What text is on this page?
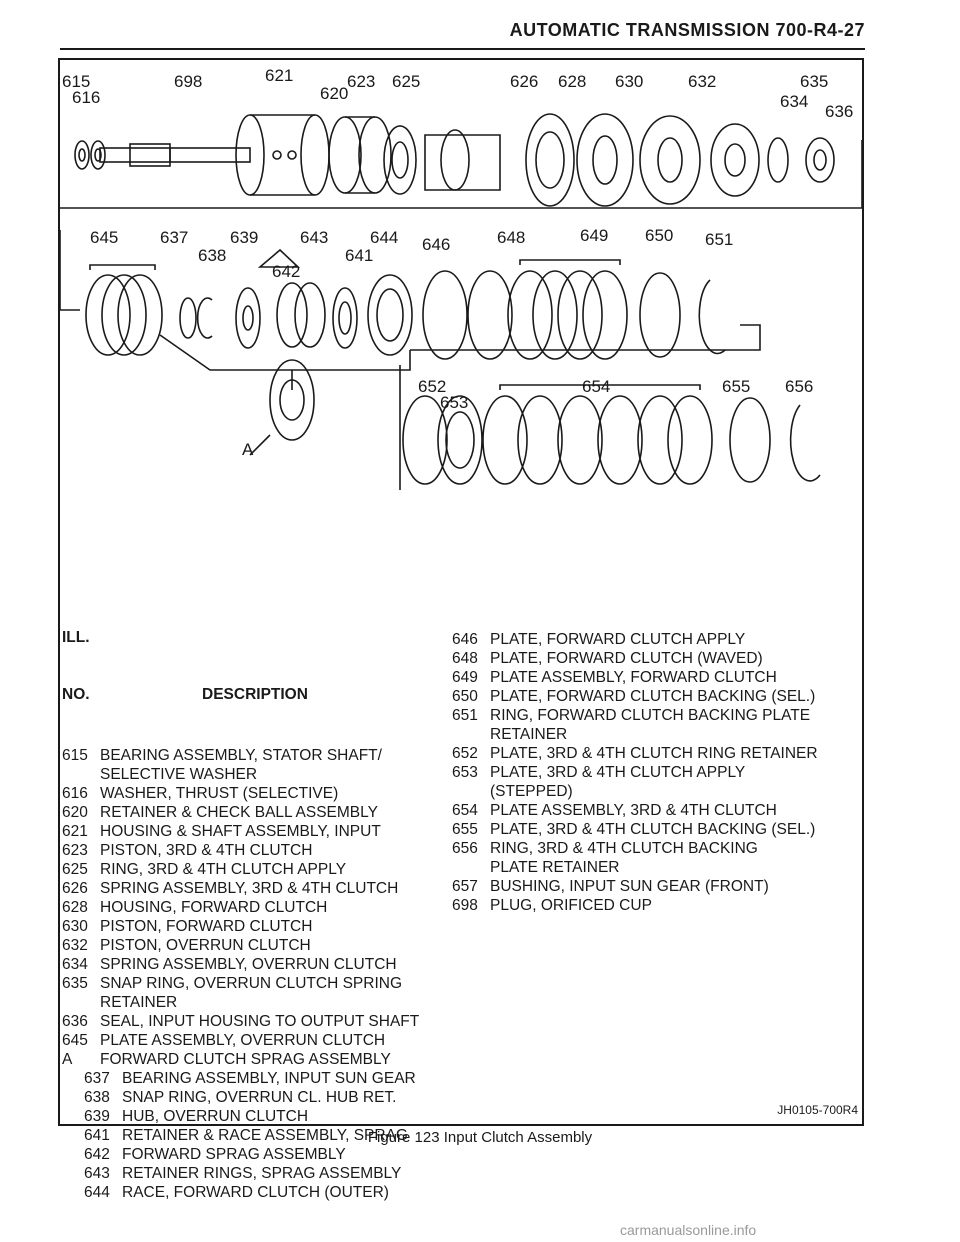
AUTOMATIC TRANSMISSION 700-R4-27
615
616
698	621
620
623 625	626 628 630	632	635
634
636
645 637
638
639 643
642
641
644 646	648	649 650 651
652
653
654	655 656
A

ILL.

NO.	DESCRIPTION

615 BEARING ASSEMBLY, STATOR SHAFT/
SELECTIVE WASHER
616 WASHER, THRUST (SELECTIVE)
620 RETAINER & CHECK BALL ASSEMBLY
621 HOUSING & SHAFT ASSEMBLY, INPUT
623 PISTON, 3RD & 4TH CLUTCH
625 RING, 3RD & 4TH CLUTCH APPLY
626 SPRING ASSEMBLY, 3RD & 4TH CLUTCH
628 HOUSING, FORWARD CLUTCH
630 PISTON, FORWARD CLUTCH
632 PISTON, OVERRUN CLUTCH
634 SPRING ASSEMBLY, OVERRUN CLUTCH
635 SNAP RING, OVERRUN CLUTCH SPRING
RETAINER
636 SEAL, INPUT HOUSING TO OUTPUT SHAFT
645 PLATE ASSEMBLY, OVERRUN CLUTCH
A	FORWARD CLUTCH SPRAG ASSEMBLY
637 BEARING ASSEMBLY, INPUT SUN GEAR
638 SNAP RING, OVERRUN CL. HUB RET.
639 HUB, OVERRUN CLUTCH
641 RETAINER & RACE ASSEMBLY, SPRAG
642 FORWARD SPRAG ASSEMBLY
643 RETAINER RINGS, SPRAG ASSEMBLY
644 RACE, FORWARD CLUTCH (OUTER)

646 PLATE, FORWARD CLUTCH APPLY
648 PLATE, FORWARD CLUTCH (WAVED)
649 PLATE ASSEMBLY, FORWARD CLUTCH
650 PLATE, FORWARD CLUTCH BACKING (SEL.)
651 RING, FORWARD CLUTCH BACKING PLATE
RETAINER
652 PLATE, 3RD & 4TH CLUTCH RING RETAINER
653 PLATE, 3RD & 4TH CLUTCH APPLY
(STEPPED)
654 PLATE ASSEMBLY, 3RD & 4TH CLUTCH
655 PLATE, 3RD & 4TH CLUTCH BACKING (SEL.)
656 RING, 3RD & 4TH CLUTCH BACKING
PLATE RETAINER
657 BUSHING, INPUT SUN GEAR (FRONT)
698 PLUG, ORIFICED CUP

JH0105-700R4
Figure 123 Input Clutch Assembly
carmanualsonline.info
